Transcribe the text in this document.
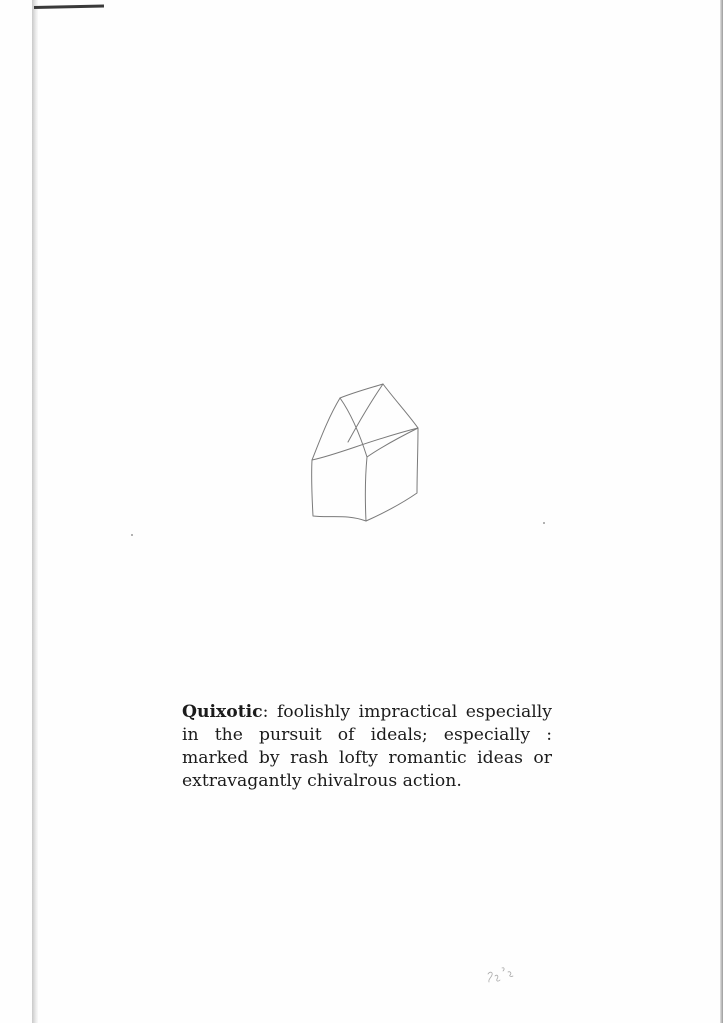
Quixotic: foolishly impractical especially in the pursuit of ideals; especially : marked by rash lofty romantic ideas or extravagantly chivalrous action.
